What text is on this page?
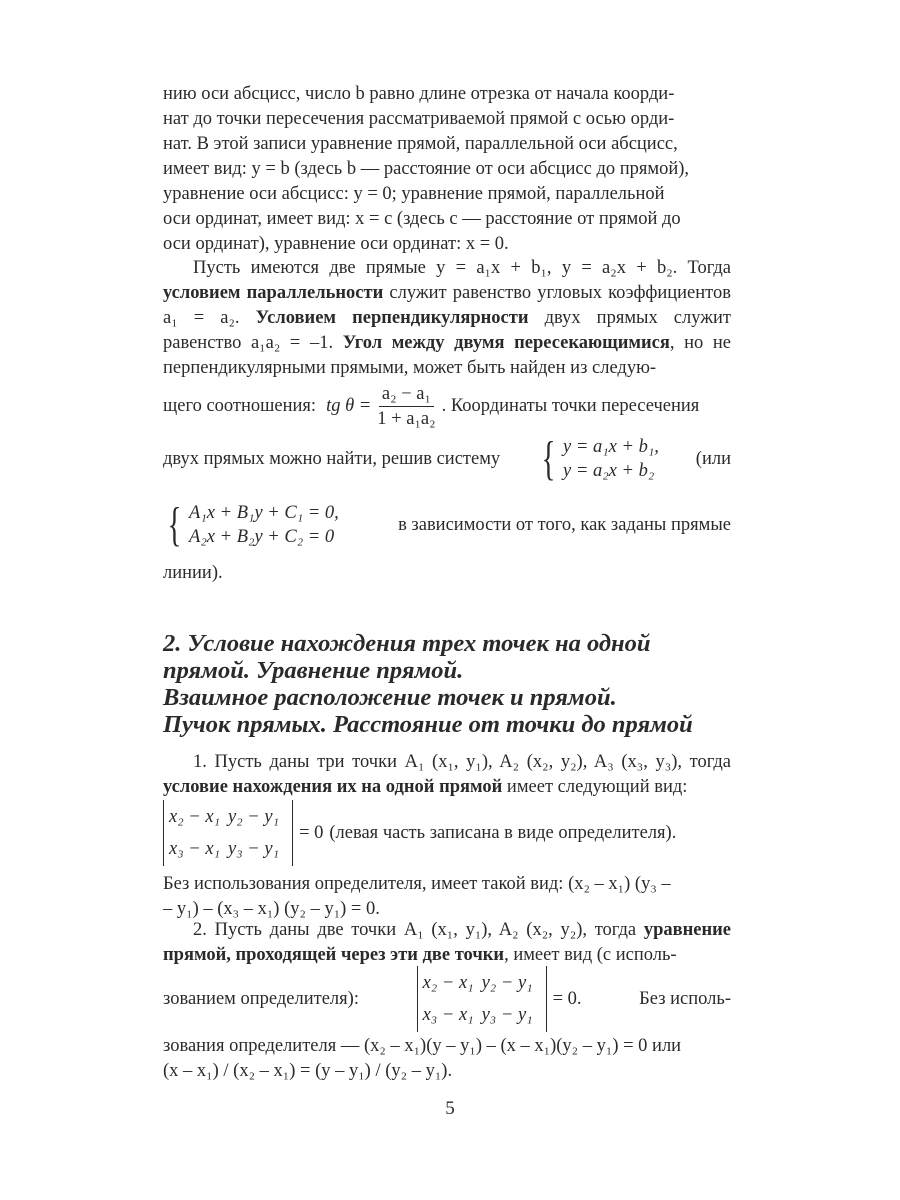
нию оси абсцисс, число b равно длине отрезка от начала коорди-

нат до точки пересечения рассматриваемой прямой с осью орди-

нат. В этой записи уравнение прямой, параллельной оси абсцисс,

имеет вид: y = b (здесь b — расстояние от оси абсцисс до прямой),

уравнение оси абсцисс: y = 0; уравнение прямой, параллельной

оси ординат, имеет вид: x = c (здесь c — расстояние от прямой до

оси ординат), уравнение оси ординат: x = 0.

Пусть имеются две прямые y = a₁x + b₁, y = a₂x + b₂. Тогда условием параллельности служит равенство угловых коэффициентов a₁ = a₂. Условием перпендикулярности двух прямых служит равенство a₁a₂ = –1. Угол между двумя пересекающимися, но не перпендикулярными прямыми, может быть найден из следую-

щего соотношения: tg $\theta = \frac{\text{a₂ − a₁}}{\text{1 + a₁a₂}}$ . Координаты точки пересечения
двух прямых можно найти, решив систему { y = a₁x + b₁,
y = a₂x + b₂
(или
{ A₁x + B₁y + C₁ = 0,
A₂x + B₂y + C₂ = 0
в зависимости от того, как заданы прямые

линии).

2. Условие нахождения трех точек на одной
прямой. Уравнение прямой.
Взаимное расположение точек и прямой.
Пучок прямых. Расстояние от точки до прямой

1. Пусть даны три точки A₁ (x₁, y₁), A₂ (x₂, y₂), A₃ (x₃, y₃), тогда условие нахождения их на одной прямой имеет следующий вид:

x₂ − x₁	y₂ − y₁
x₃ − x₁	y₃ − y₁
= 0 (левая часть записана в виде определителя).

Без использования определителя, имеет такой вид: (x₂ – x₁) (y₃ –

– y₁) – (x₃ – x₁) (y₂ – y₁) = 0.

2. Пусть даны две точки A₁ (x₁, y₁), A₂ (x₂, y₂), тогда уравнение прямой, проходящей через эти две точки, имеет вид (с исполь-

зованием определителя):
x₂ − x₁	y₂ − y₁
x₃ − x₁	y₃ − y₁
= 0.	Без исполь-

зования определителя — (x₂ – x₁)(y – y₁) – (x – x₁)(y₂ – y₁) = 0 или

(x – x₁) / (x₂ – x₁) = (y – y₁) / (y₂ – y₁).

5
